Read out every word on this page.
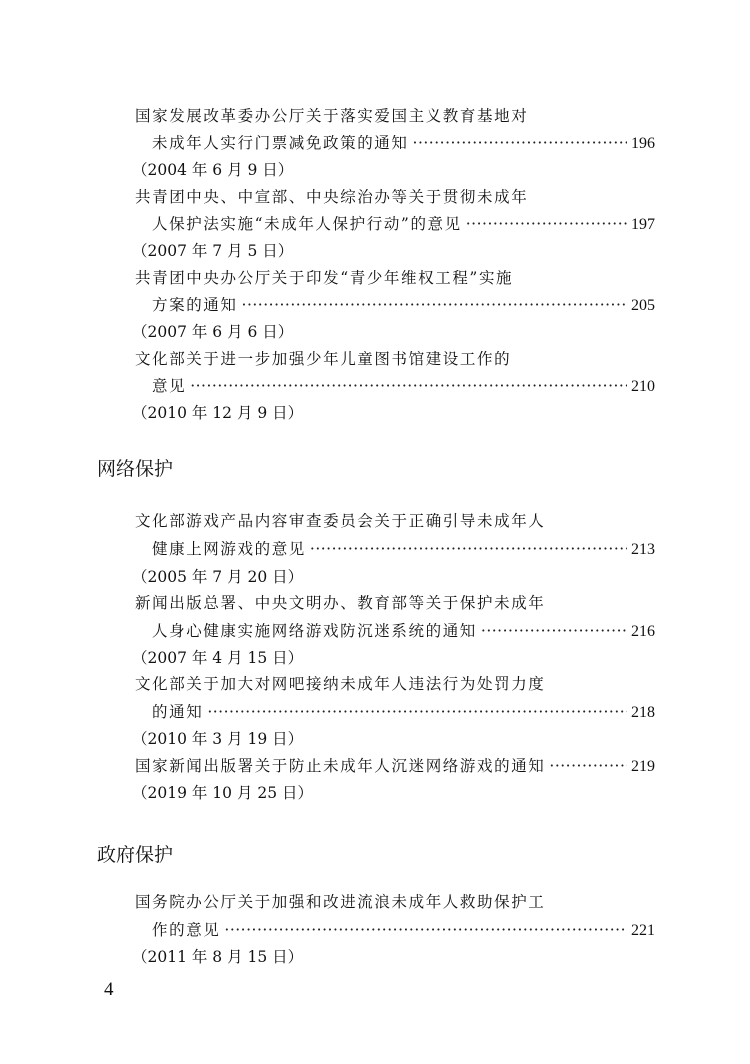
国家发展改革委办公厅关于落实爱国主义教育基地对
未成年人实行门票减免政策的通知 ·····	196
（2004 年 6 月 9 日）
共青团中央、中宣部、中央综治办等关于贯彻未成年
人保护法实施“未成年人保护行动”的意见 ·····	197
（2007 年 7 月 5 日）
共青团中央办公厅关于印发“青少年维权工程”实施
方案的通知 ·····	205
（2007 年 6 月 6 日）
文化部关于进一步加强少年儿童图书馆建设工作的
意见 ·····	210
（2010 年 12 月 9 日）
网络保护
文化部游戏产品内容审查委员会关于正确引导未成年人
健康上网游戏的意见 ·····	213
（2005 年 7 月 20 日）
新闻出版总署、中央文明办、教育部等关于保护未成年
人身心健康实施网络游戏防沉迷系统的通知 ·····	216
（2007 年 4 月 15 日）
文化部关于加大对网吧接纳未成年人违法行为处罚力度
的通知 ·····	218
（2010 年 3 月 19 日）
国家新闻出版署关于防止未成年人沉迷网络游戏的通知 ·····	219
（2019 年 10 月 25 日）
政府保护
国务院办公厅关于加强和改进流浪未成年人救助保护工
作的意见 ·····	221
（2011 年 8 月 15 日）
4
